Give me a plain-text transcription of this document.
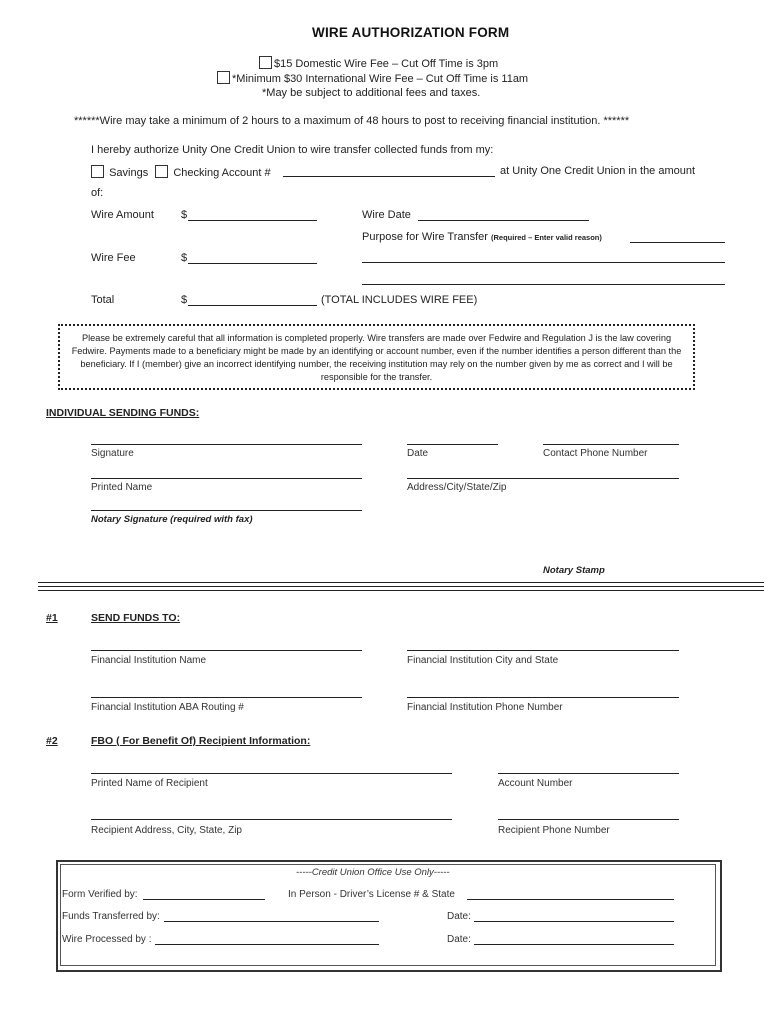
WIRE AUTHORIZATION FORM
$15 Domestic Wire Fee – Cut Off Time is 3pm
*Minimum $30 International Wire Fee – Cut Off Time is 11am
*May be subject to additional fees and taxes.
******Wire may take a minimum of 2 hours to a maximum of 48 hours to post to receiving financial institution. ******
I hereby authorize Unity One Credit Union to wire transfer collected funds from my:
Savings Checking Account #	at Unity One Credit Union in the amount
of:
Wire Amount $	Wire Date
Purpose for Wire Transfer (Required – Enter valid reason)
Wire Fee	$
Total	$	(TOTAL INCLUDES WIRE FEE)

Please be extremely careful that all information is completed properly. Wire transfers are made over Fedwire and Regulation J is the law covering Fedwire. Payments made to a beneficiary might be made by an identifying or account number, even if the number identifies a person different than the beneficiary. If I (member) give an incorrect identifying number, the receiving institution may rely on the number given by me as correct and I will be responsible for the transfer.

INDIVIDUAL SENDING FUNDS:
Signature	Date	Contact Phone Number
Printed Name	Address/City/State/Zip
Notary Signature (required with fax)
Notary Stamp
#1	SEND FUNDS TO:
Financial Institution Name	Financial Institution City and State
Financial Institution ABA Routing #	Financial Institution Phone Number
#2	FBO ( For Benefit Of) Recipient Information:
Printed Name of Recipient	Account Number
Recipient Address, City, State, Zip	Recipient Phone Number
-----Credit Union Office Use Only-----
Form Verified by:	In Person - Driver’s License # & State
Funds Transferred by:	Date:
Wire Processed by :	Date:
